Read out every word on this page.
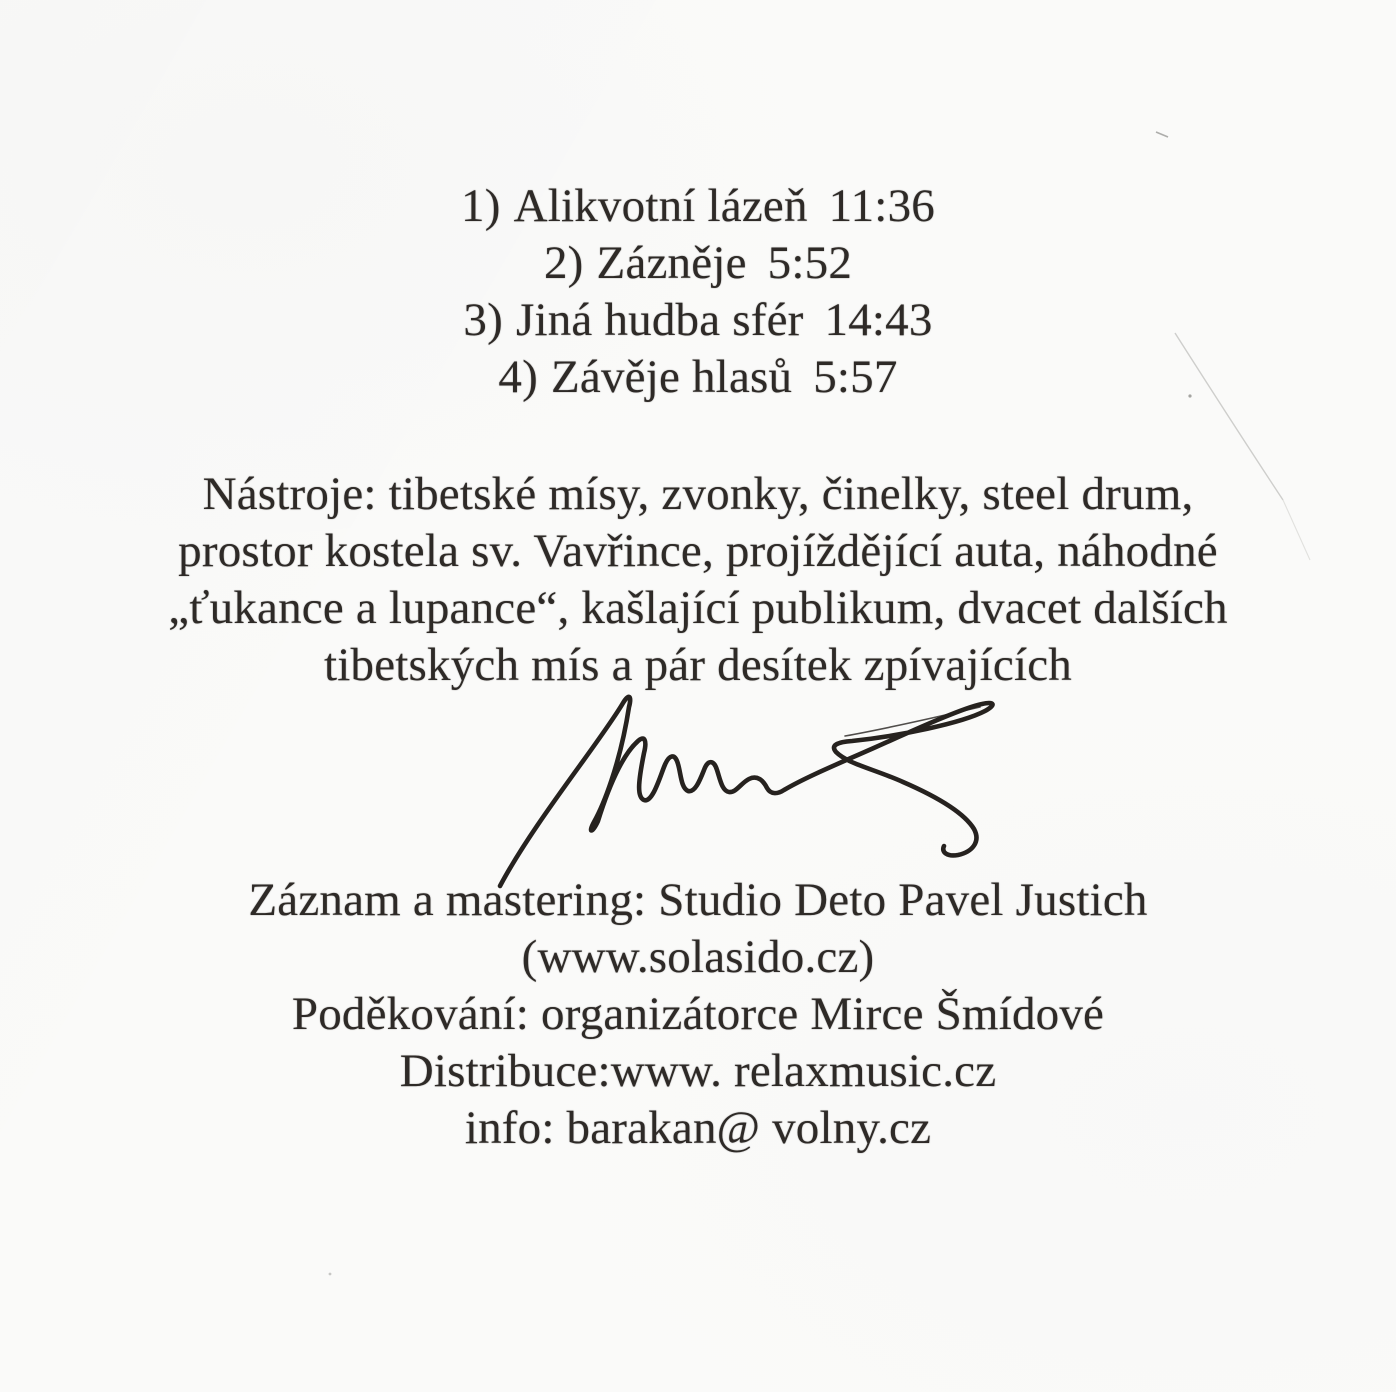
1) Alikvotní lázeň 11:36
2) Zázněje 5:52
3) Jiná hudba sfér 14:43
4) Závěje hlasů 5:57
Nástroje: tibetské mísy, zvonky, činelky, steel drum,
prostor kostela sv. Vavřince, projíždějící auta, náhodné
„ťukance a lupance“, kašlající publikum, dvacet dalších
tibetských mís a pár desítek zpívajících
Záznam a mastering: Studio Deto Pavel Justich
(www.solasido.cz)
Poděkování: organizátorce Mirce Šmídové
Distribuce:www. relaxmusic.cz
info: barakan@ volny.cz
